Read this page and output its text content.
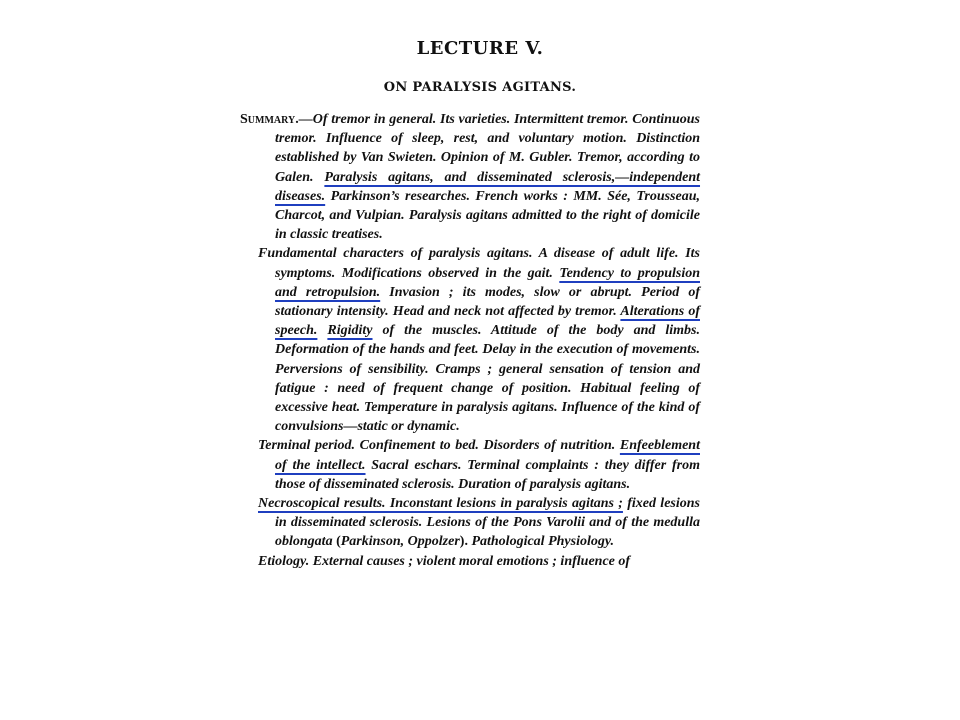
LECTURE V.
ON PARALYSIS AGITANS.

Summary.—Of tremor in general. Its varieties. Intermittent tremor. Continuous tremor. Influence of sleep, rest, and voluntary motion. Distinction established by Van Swieten. Opinion of M. Gubler. Tremor, according to Galen. Paralysis agitans, and disseminated sclerosis,—independent diseases. Parkinson’s researches. French works : MM. Sée, Trousseau, Charcot, and Vulpian. Paralysis agitans admitted to the right of domicile in classic treatises.

Fundamental characters of paralysis agitans. A disease of adult life. Its symptoms. Modifications observed in the gait. Tendency to propulsion and retropulsion. Invasion ; its modes, slow or abrupt. Period of stationary intensity. Head and neck not affected by tremor. Alterations of speech. Rigidity of the muscles. Attitude of the body and limbs. Deformation of the hands and feet. Delay in the execution of movements. Perversions of sensibility. Cramps ; general sensation of tension and fatigue : need of frequent change of position. Habitual feeling of excessive heat. Temperature in paralysis agitans. Influence of the kind of convulsions—static or dynamic.

Terminal period. Confinement to bed. Disorders of nutrition. Enfeeblement of the intellect. Sacral eschars. Terminal complaints : they differ from those of disseminated sclerosis. Duration of paralysis agitans.

Necroscopical results. Inconstant lesions in paralysis agitans ; fixed lesions in disseminated sclerosis. Lesions of the Pons Varolii and of the medulla oblongata (Parkinson, Oppolzer). Pathological Physiology.

Etiology. External causes ; violent moral emotions ; influence of
